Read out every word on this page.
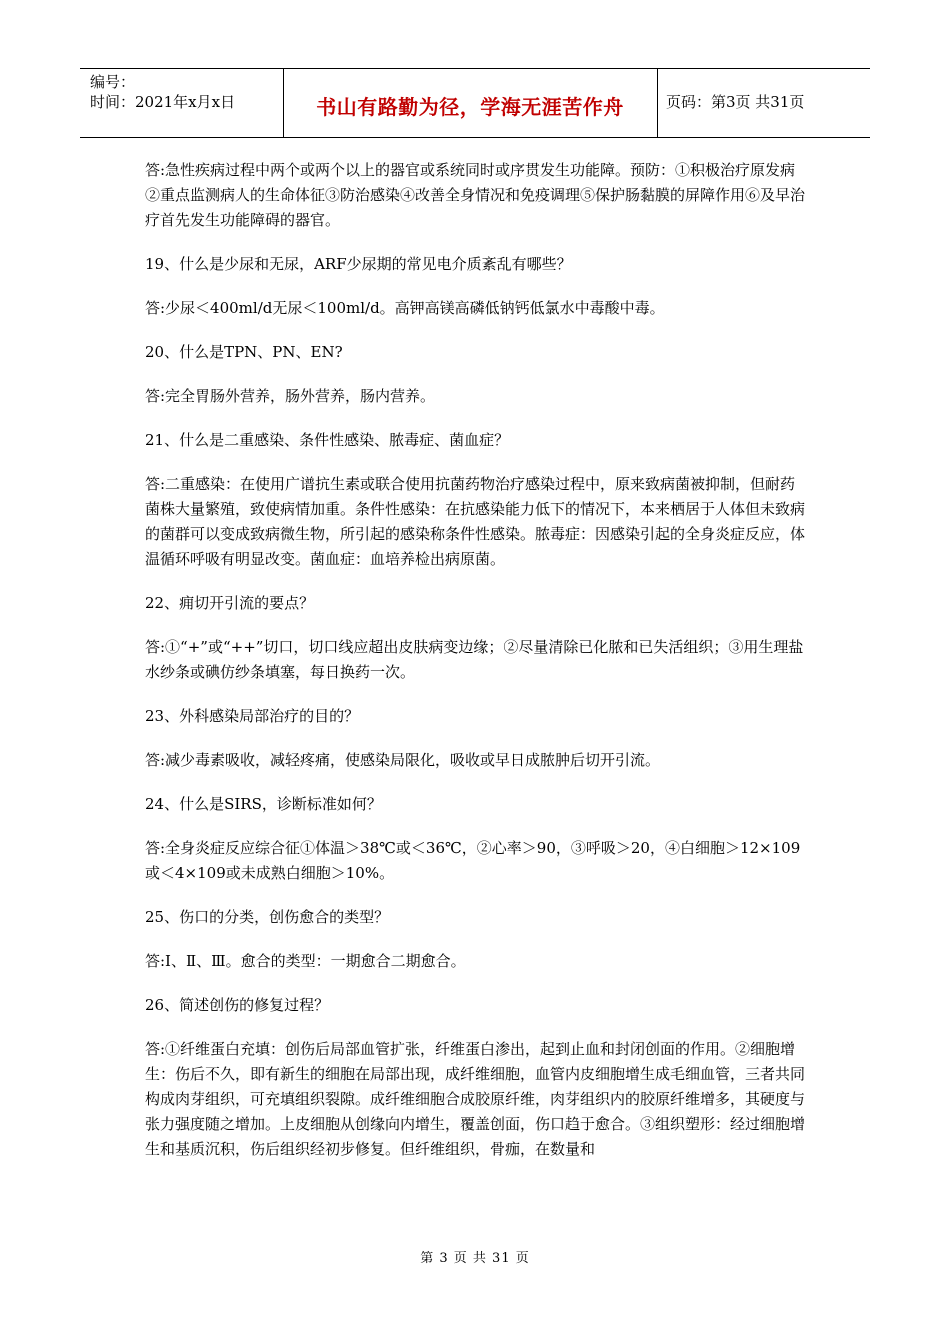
编号：
时间：2021年x月x日	书山有路勤为径，学海无涯苦作舟	页码：第3页 共31页

答:急性疾病过程中两个或两个以上的器官或系统同时或序贯发生功能障。预防：①积极治疗原发病②重点监测病人的生命体征③防治感染④改善全身情况和免疫调理⑤保护肠黏膜的屏障作用⑥及早治疗首先发生功能障碍的器官。

19、什么是少尿和无尿，ARF少尿期的常见电介质紊乱有哪些？

答:少尿＜400ml/d无尿＜100ml/d。高钾高镁高磷低钠钙低氯水中毒酸中毒。

20、什么是TPN、PN、EN?

答:完全胃肠外营养，肠外营养，肠内营养。

21、什么是二重感染、条件性感染、脓毒症、菌血症？

答:二重感染：在使用广谱抗生素或联合使用抗菌药物治疗感染过程中，原来致病菌被抑制，但耐药菌株大量繁殖，致使病情加重。条件性感染：在抗感染能力低下的情况下，本来栖居于人体但未致病的菌群可以变成致病微生物，所引起的感染称条件性感染。脓毒症：因感染引起的全身炎症反应，体温循环呼吸有明显改变。菌血症：血培养检出病原菌。

22、痈切开引流的要点？

答:①“+”或“++”切口，切口线应超出皮肤病变边缘；②尽量清除已化脓和已失活组织；③用生理盐水纱条或碘仿纱条填塞，每日换药一次。

23、外科感染局部治疗的目的？

答:减少毒素吸收，减轻疼痛，使感染局限化，吸收或早日成脓肿后切开引流。

24、什么是SIRS，诊断标准如何？

答:全身炎症反应综合征①体温＞38℃或＜36℃，②心率＞90，③呼吸＞20，④白细胞＞12×109或＜4×109或未成熟白细胞＞10%。

25、伤口的分类，创伤愈合的类型？

答:Ⅰ、Ⅱ、Ⅲ。愈合的类型：一期愈合二期愈合。

26、简述创伤的修复过程？

答:①纤维蛋白充填：创伤后局部血管扩张，纤维蛋白渗出，起到止血和封闭创面的作用。②细胞增生：伤后不久，即有新生的细胞在局部出现，成纤维细胞，血管内皮细胞增生成毛细血管，三者共同构成肉芽组织，可充填组织裂隙。成纤维细胞合成胶原纤维，肉芽组织内的胶原纤维增多，其硬度与张力强度随之增加。上皮细胞从创缘向内增生，覆盖创面，伤口趋于愈合。③组织塑形：经过细胞增生和基质沉积，伤后组织经初步修复。但纤维组织，骨痂，在数量和

第 3 页 共 31 页
